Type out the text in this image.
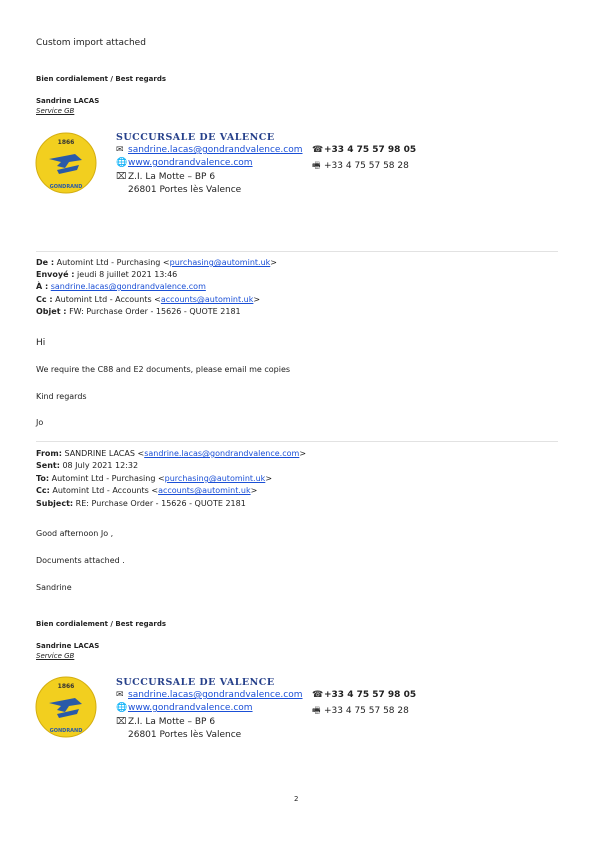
Custom import attached
Bien cordialement / Best regards
Sandrine LACAS
Service GB
1866
GONDRAND
SUCCURSALE DE VALENCE
✉ sandrine.lacas@gondrandvalence.com ☎+33 4 75 57 98 05
🌐www.gondrandvalence.com	🖷 +33 4 75 57 58 28
⌧ Z.I. La Motte – BP 6
26801 Portes lès Valence
De : Automint Ltd - Purchasing <purchasing@automint.uk>
Envoyé : jeudi 8 juillet 2021 13:46
À : sandrine.lacas@gondrandvalence.com
Cc : Automint Ltd - Accounts <accounts@automint.uk>
Objet : FW: Purchase Order - 15626 - QUOTE 2181
Hi
We require the C88 and E2 documents, please email me copies
Kind regards
Jo
From: SANDRINE LACAS <sandrine.lacas@gondrandvalence.com>
Sent: 08 July 2021 12:32
To: Automint Ltd - Purchasing <purchasing@automint.uk>
Cc: Automint Ltd - Accounts <accounts@automint.uk>
Subject: RE: Purchase Order - 15626 - QUOTE 2181
Good afternoon Jo ,
Documents attached .
Sandrine
Bien cordialement / Best regards
Sandrine LACAS
Service GB
1866
GONDRAND
SUCCURSALE DE VALENCE
✉ sandrine.lacas@gondrandvalence.com ☎+33 4 75 57 98 05
🌐www.gondrandvalence.com	🖷 +33 4 75 57 58 28
⌧ Z.I. La Motte – BP 6
26801 Portes lès Valence
2
